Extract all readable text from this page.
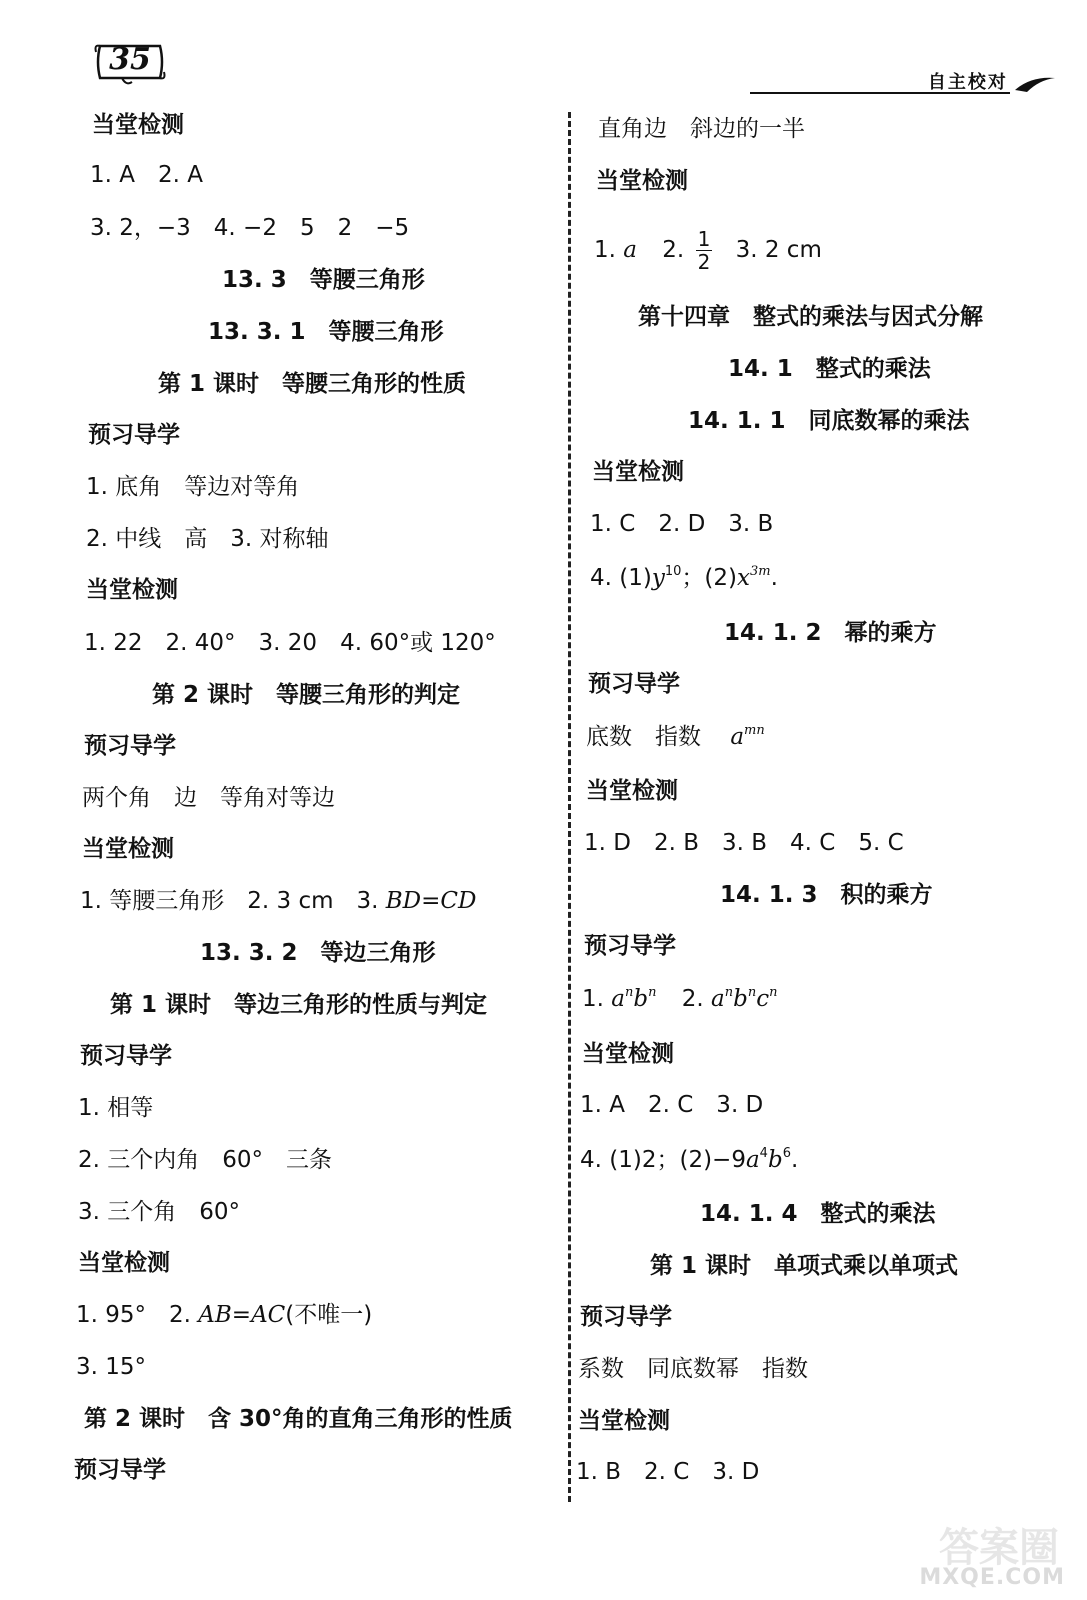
35
自主校对
当堂检测
1. A　2. A
3. 2，−3　4. −2　5　2　−5
13. 3　等腰三角形
13. 3. 1　等腰三角形
第 1 课时　等腰三角形的性质
预习导学
1. 底角　等边对等角
2. 中线　高　3. 对称轴
当堂检测
1. 22　2. 40°　3. 20　4. 60°或 120°
第 2 课时　等腰三角形的判定
预习导学
两个角　边　等角对等边
当堂检测
1. 等腰三角形　2. 3 cm　3. BD=CD
13. 3. 2　等边三角形
第 1 课时　等边三角形的性质与判定
预习导学
1. 相等
2. 三个内角　60°　三条
3. 三个角　60°
当堂检测
1. 95°　2. AB=AC(不唯一)
3. 15°
第 2 课时　含 30°角的直角三角形的性质
预习导学
直角边　斜边的一半
当堂检测
1. a 2. $\frac{1}{2} 3$. 2 cm
第十四章　整式的乘法与因式分解
14. 1　整式的乘法
14. 1. 1　同底数幂的乘法
当堂检测
1. C　2. D　3. B
4. $(1)y^{10}$；$(2)x^{3m}$.
14. 1. 2　幂的乘方
预习导学
底数　指数 $a^{mn}$
当堂检测
1. D　2. B　3. B　4. C　5. C
14. 1. 3　积的乘方
预习导学
1. $a^nb^n$ 2. $a^nb^nc^n$
当堂检测
1. A　2. C　3. D
4. (1)2；$(2)-9a^4b^6$.
14. 1. 4　整式的乘法
第 1 课时　单项式乘以单项式
预习导学
系数　同底数幂　指数
当堂检测
1. B　2. C　3. D
答案圈
MXQE.COM
